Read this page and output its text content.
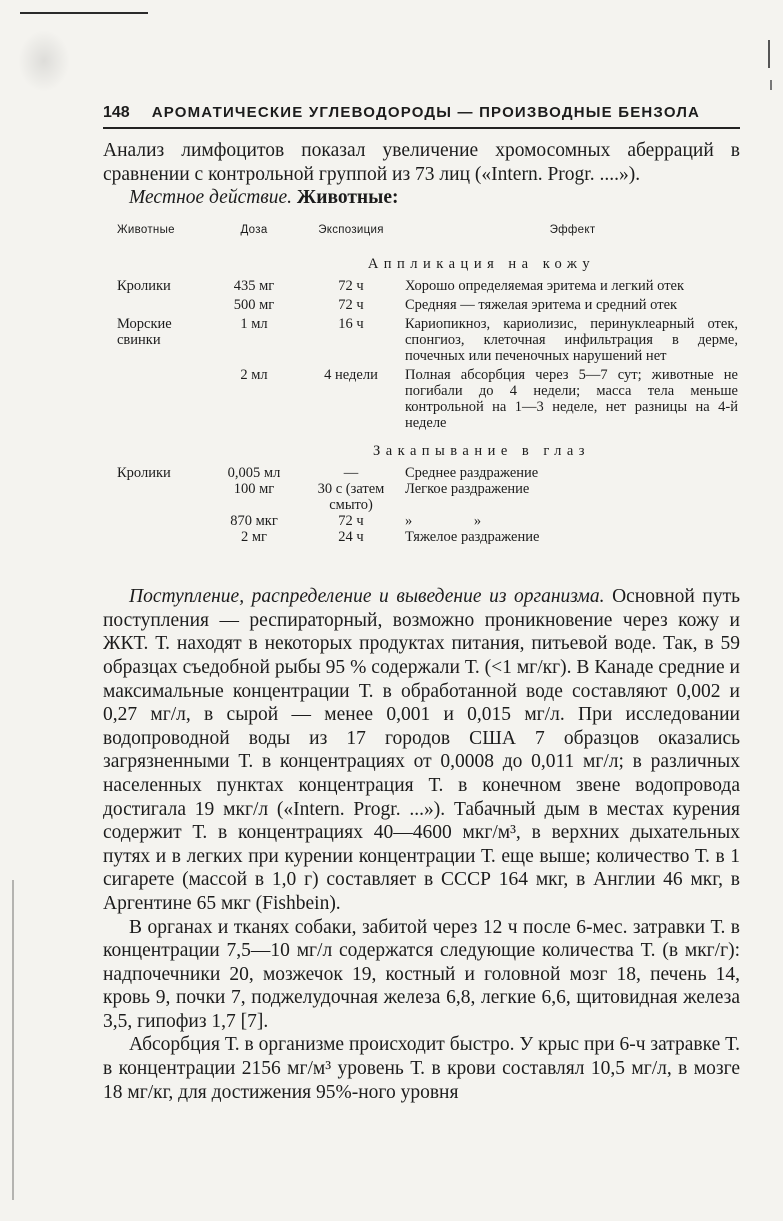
148 АРОМАТИЧЕСКИЕ УГЛЕВОДОРОДЫ — ПРОИЗВОДНЫЕ БЕНЗОЛА

Анализ лимфоцитов показал увеличение хромосомных аберраций в сравнении с контрольной группой из 73 лиц («Intern. Progr. ....»).

Местное действие. Животные:

Животные	Доза	Экспозиция	Эффект
Аппликация на кожу			
Кролики	435 мг	72 ч	Хорошо определяемая эритема и легкий отек

	500 мг	72 ч	Средняя — тяжелая эритема и средний отек

Морские свинки	1 мл	16 ч	Кариопикноз, кариолизис, перинуклеарный отек, спонгиоз, клеточная инфильтрация в дерме, почечных или печеночных нарушений нет

	2 мл	4 недели	Полная абсорбция через 5—7 сут; животные не погибали до 4 недели; масса тела меньше контрольной на 1—3 неделе, нет разницы на 4-й неделе
Закапывание в глаз			
Кролики	0,005 мл	—	Среднее раздражение
	100 мг	30 с (затем смыто)	Легкое раздражение
	870 мкг	72 ч	»                 »
	2 мг	24 ч	Тяжелое раздражение

Поступление, распределение и выведение из организма. Основной путь поступления — респираторный, возможно проникновение через кожу и ЖКТ. Т. находят в некоторых продуктах питания, питьевой воде. Так, в 59 образцах съедобной рыбы 95 % содержали Т. (<1 мг/кг). В Канаде средние и максимальные концентрации Т. в обработанной воде составляют 0,002 и 0,27 мг/л, в сырой — менее 0,001 и 0,015 мг/л. При исследовании водопроводной воды из 17 городов США 7 образцов оказались загрязненными Т. в концентрациях от 0,0008 до 0,011 мг/л; в различных населенных пунктах концентрация Т. в конечном звене водопровода достигала 19 мкг/л («Intern. Progr. ...»). Табачный дым в местах курения содержит Т. в концентрациях 40—4600 мкг/м³, в верхних дыхательных путях и в легких при курении концентрации Т. еще выше; количество Т. в 1 сигарете (массой в 1,0 г) составляет в СССР 164 мкг, в Англии 46 мкг, в Аргентине 65 мкг (Fishbein).

В органах и тканях собаки, забитой через 12 ч после 6-мес. затравки Т. в концентрации 7,5—10 мг/л содержатся следующие количества Т. (в мкг/г): надпочечники 20, мозжечок 19, костный и головной мозг 18, печень 14, кровь 9, почки 7, поджелудочная железа 6,8, легкие 6,6, щитовидная железа 3,5, гипофиз 1,7 [7].

Абсорбция Т. в организме происходит быстро. У крыс при 6-ч затравке Т. в концентрации 2156 мг/м³ уровень Т. в крови составлял 10,5 мг/л, в мозге 18 мг/кг, для достижения 95%-ного уровня
